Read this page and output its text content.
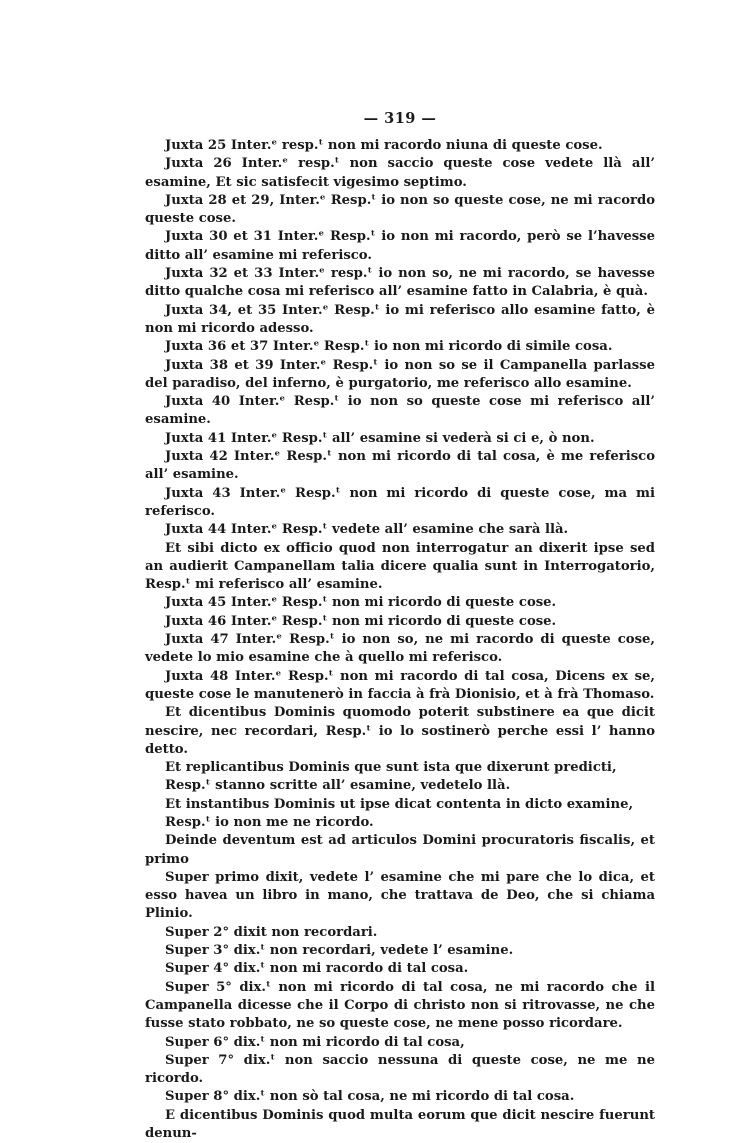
— 319 —

Juxta 25 Inter.ᵉ resp.ᵗ non mi racordo niuna di queste cose.

Juxta 26 Inter.ᵉ resp.ᵗ non saccio queste cose vedete llà all’ esamine, Et sic satisfecit vigesimo septimo.

Juxta 28 et 29, Inter.ᵉ Resp.ᵗ io non so queste cose, ne mi racordo queste cose.

Juxta 30 et 31 Inter.ᵉ Resp.ᵗ io non mi racordo, però se l’havesse ditto all’ esamine mi referisco.

Juxta 32 et 33 Inter.ᵉ resp.ᵗ io non so, ne mi racordo, se havesse ditto qualche cosa mi referisco all’ esamine fatto in Calabria, è quà.

Juxta 34, et 35 Inter.ᵉ Resp.ᵗ io mi referisco allo esamine fatto, è non mi ricordo adesso.

Juxta 36 et 37 Inter.ᵉ Resp.ᵗ io non mi ricordo di simile cosa.

Juxta 38 et 39 Inter.ᵉ Resp.ᵗ io non so se il Campanella parlasse del paradiso, del inferno, è purgatorio, me referisco allo esamine.

Juxta 40 Inter.ᵉ Resp.ᵗ io non so queste cose mi referisco all’ esamine.

Juxta 41 Inter.ᵉ Resp.ᵗ all’ esamine si vederà si ci e, ò non.

Juxta 42 Inter.ᵉ Resp.ᵗ non mi ricordo di tal cosa, è me referisco all’ esamine.

Juxta 43 Inter.ᵉ Resp.ᵗ non mi ricordo di queste cose, ma mi referisco.

Juxta 44 Inter.ᵉ Resp.ᵗ vedete all’ esamine che sarà llà.

Et sibi dicto ex officio quod non interrogatur an dixerit ipse sed an audierit Campanellam talia dicere qualia sunt in Interrogatorio, Resp.ᵗ mi referisco all’ esamine.

Juxta 45 Inter.ᵉ Resp.ᵗ non mi ricordo di queste cose.

Juxta 46 Inter.ᵉ Resp.ᵗ non mi ricordo di queste cose.

Juxta 47 Inter.ᵉ Resp.ᵗ io non so, ne mi racordo di queste cose, vedete lo mio esamine che à quello mi referisco.

Juxta 48 Inter.ᵉ Resp.ᵗ non mi racordo di tal cosa, Dicens ex se, queste cose le manutenerò in faccia à frà Dionisio, et à frà Thomaso.

Et dicentibus Dominis quomodo poterit substinere ea que dicit nescire, nec recordari, Resp.ᵗ io lo sostinerò perche essi l’ hanno detto.

Et replicantibus Dominis que sunt ista que dixerunt predicti,

Resp.ᵗ stanno scritte all’ esamine, vedetelo llà.

Et instantibus Dominis ut ipse dicat contenta in dicto examine,

Resp.ᵗ io non me ne ricordo.

Deinde deventum est ad articulos Domini procuratoris fiscalis, et primo

Super primo dixit, vedete l’ esamine che mi pare che lo dica, et esso havea un libro in mano, che trattava de Deo, che si chiama Plinio.

Super 2° dixit non recordari.

Super 3° dix.ᵗ non recordari, vedete l’ esamine.

Super 4° dix.ᵗ non mi racordo di tal cosa.

Super 5° dix.ᵗ non mi ricordo di tal cosa, ne mi racordo che il Campanella dicesse che il Corpo di christo non si ritrovasse, ne che fusse stato robbato, ne so queste cose, ne mene posso ricordare.

Super 6° dix.ᵗ non mi ricordo di tal cosa,

Super 7° dix.ᵗ non saccio nessuna di queste cose, ne me ne ricordo.

Super 8° dix.ᵗ non sò tal cosa, ne mi ricordo di tal cosa.

E dicentibus Dominis quod multa eorum que dicit nescire fuerunt denun-
